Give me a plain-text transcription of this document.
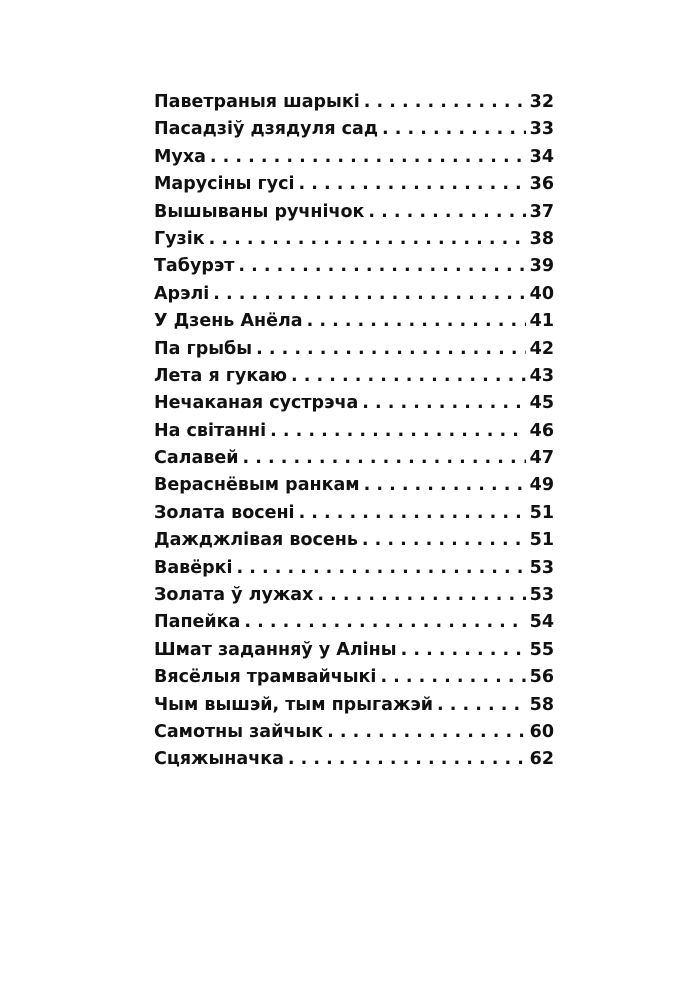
Паветраныя шарыкі . . .	32
Пасадзіў дзядуля сад . . .	33
Муха . . .	34
Марусіны гусі . . .	36
Вышываны ручнічок . . .	37
Гузік . . .	38
Табурэт . . .	39
Арэлі . . .	40
У Дзень Анёла . . .	41
Па грыбы . . .	42
Лета я гукаю . . .	43
Нечаканая сустрэча . . .	45
На світанні . . .	46
Салавей . . .	47
Вераснёвым ранкам . . .	49
Золата восені . . .	51
Дажджлівая восень . . .	51
Вавёркі . . .	53
Золата ў лужах . . .	53
Папейка . . .	54
Шмат заданняў у Аліны . . .	55
Вясёлыя трамвайчыкі . . .	56
Чым вышэй, тым прыгажэй . . .	58
Самотны зайчык . . .	60
Сцяжыначка . . .	62
